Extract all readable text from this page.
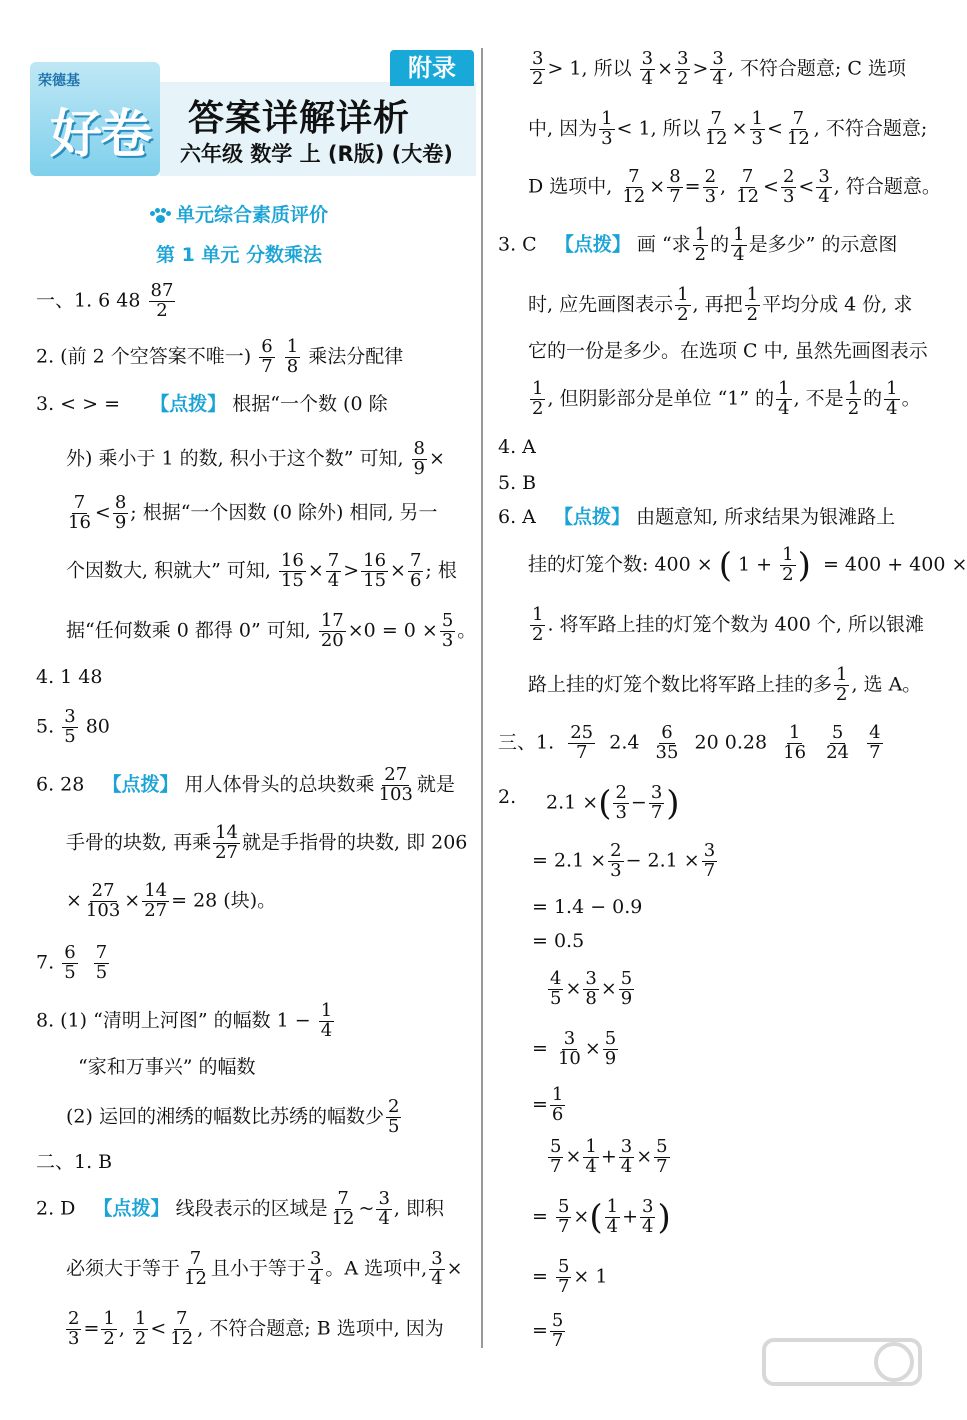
荣德基
好卷
附录
答案详解详析
六年级 数学 上 (R版) (大卷)
单元综合素质评价
第 1 单元 分数乘法
一、1. 6 $48 \frac{87}{2}$
2. (前 2 个空答案不唯一) $\frac{6}{7}$
$\frac{1}{8}$ 乘法分配律
3. < > = 【点拨】 根据“一个数 (0 除
外) 乘小于 1 的数, 积小于这个数” 可知, $\frac{8}{9}$ ×
$\frac{7}{16} < \frac{8}{9}$ ; 根据“一个因数 (0 除外) 相同, 另一
个因数大, 积就大” 可知, $\frac{16}{15} \times \frac{7}{4} > \frac{16}{15} \times \frac{7}{6}$ ; 根
据“任何数乘 0 都得 0” 可知, $\frac{17}{20} \times 0 = 0 \times \frac{5}{3}$ 。
4. 1 48
5. $\frac{3}{5} 80$
6. 28 【点拨】 用人体骨头的总块数乘 $\frac{27}{103}$ 就是
手骨的块数, 再乘 $\frac{14}{27}$ 就是手指骨的块数, 即 206
× $\frac{27}{103} \times \frac{14}{27} = 28$ (块)。
7. $\frac{6}{5}$
$\frac{7}{5}$
8. (1) “清明上河图” 的幅数 $1 - \frac{1}{4}$
“家和万事兴” 的幅数
(2) 运回的湘绣的幅数比苏绣的幅数少 $\frac{2}{5}$
二、1. B
2. D 【点拨】 线段表示的区域是 $\frac{7}{12}$ ~ $\frac{3}{4}$ , 即积
必须大于等于 $\frac{7}{12}$ 且小于等于 $\frac{3}{4}$ 。A 选项中, $\frac{3}{4}$ ×
$\frac{2}{3} = \frac{1}{2}$ , $\frac{1}{2} < \frac{7}{12}$ , 不符合题意; B 选项中, 因为
$\frac{3}{2} > 1$, 所以 $\frac{3}{4} \times \frac{3}{2} > \frac{3}{4}$ , 不符合题意; C 选项
中, 因为 $\frac{1}{3} < 1$, 所以 $\frac{7}{12} \times \frac{1}{3} < \frac{7}{12}$ , 不符合题意;
D 选项中, $\frac{7}{12} \times \frac{8}{7} = \frac{2}{3}$ , $\frac{7}{12} < \frac{2}{3} < \frac{3}{4}$ , 符合题意。
3. C 【点拨】 画 “求 $\frac{1}{2}$ 的 $\frac{1}{4}$ 是多少” 的示意图
时, 应先画图表示 $\frac{1}{2}$ , 再把 $\frac{1}{2}$ 平均分成 4 份, 求
它的一份是多少。在选项 C 中, 虽然先画图表示
$\frac{1}{2}$ , 但阴影部分是单位 “1” 的 $\frac{1}{4}$ , 不是 $\frac{1}{2}$ 的 $\frac{1}{4}$ 。
4. A
5. B
6. A 【点拨】 由题意知, 所求结果为银滩路上
挂的灯笼个数: 400 × ( $1 + \frac{1}{2}$ ) = 400 + 400 ×
$\frac{1}{2}$ . 将军路上挂的灯笼个数为 400 个, 所以银滩
路上挂的灯笼个数比将军路上挂的多 $\frac{1}{2}$ , 选 A。
三、1. $\frac{25}{7} 2.4 \frac{6}{35} 20$ $0.28 \frac{1}{16}$
$\frac{5}{24}$
$\frac{4}{7}$
2. 2.1 ×( $\frac{2}{3} - \frac{3}{7}$ )
= $2.1 \times \frac{2}{3} - 2.1 \times \frac{3}{7}$
= 1.4 − 0.9
= 0.5
$\frac{4}{5} \times \frac{3}{8} \times \frac{5}{9}$
= $\frac{3}{10} \times \frac{5}{9}$
= $\frac{1}{6}$
$\frac{5}{7} \times \frac{1}{4} + \frac{3}{4} \times \frac{5}{7}$
= $\frac{5}{7}$ ×( $\frac{1}{4} + \frac{3}{4}$ )
= $\frac{5}{7} \times 1$
= $\frac{5}{7}$
